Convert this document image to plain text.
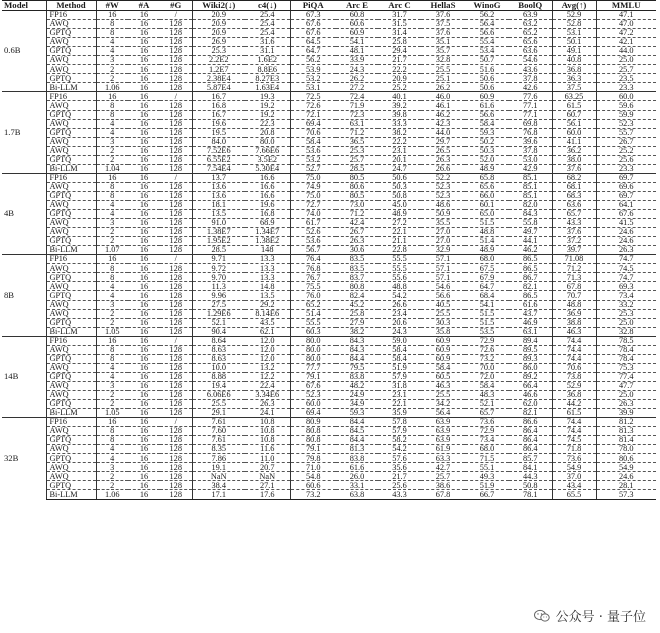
Model	Method	#W	#A	#G	Wiki2(↓)	c4(↓)	PiQA	Arc E	Arc C	HellaS	WinoG	BoolQ	Avg(↑)	MMLU
0.6B	FP16	16	16	/	20.9	25.4	67.3	60.8	31.7	37.6	56.2	63.9	52.9	47.1
	AWQ	8	16	128	20.9	25.4	67.6	60.6	31.5	37.5	56.4	63.2	52.8	47.0
	GPTQ	8	16	128	20.9	25.4	67.6	60.9	31.4	37.6	56.6	65.2	53.1	47.2
	AWQ	4	16	128	26.9	31.6	64.5	54.1	25.8	35.1	55.4	65.6	50.1	42.1
	GPTQ	4	16	128	25.3	31.1	64.7	48.1	29.4	35.7	53.4	63.6	49.1	44.0
	AWQ	3	16	128	2.2E2	1.6E2	56.2	33.9	21.7	32.8	50.7	54.6	40.8	25.0
	AWQ	2	16	128	1.2E7	8.8E6	53.9	24.3	22.2	25.5	51.6	43.6	36.8	25.7
	GPTQ	2	16	128	2.38E4	8.27E3	53.2	26.2	20.9	25.1	50.6	37.8	36.3	23.5
	Bi-LLM	1.06	16	128	5.87E4	1.63E4	53.1	27.2	25.2	26.2	50.6	42.6	37.5	23.3
1.7B	FP16	16	16	/	16.7	19.3	72.5	72.4	40.1	46.0	60.9	77.6	63.25	60.0
	AWQ	8	16	128	16.8	19.2	72.6	71.9	39.2	46.1	61.6	77.1	61.5	59.6
	GPTQ	8	16	128	16.7	19.2	72.1	72.3	39.8	46.2	56.6	77.1	60.7	59.9
	AWQ	4	16	128	19.6	22.3	69.4	63.1	33.3	42.3	58.4	69.8	56.1	52.3
	GPTQ	4	16	128	19.5	20.8	70.6	71.2	38.2	44.0	59.3	76.8	60.0	55.7
	AWQ	3	16	128	84.0	80.0	58.4	36.5	22.2	29.7	50.2	39.6	41.1	26.7
	AWQ	2	16	128	7.52E6	7.66E6	53.6	25.3	23.1	26.5	50.3	37.8	36.2	25.2
	GPTQ	2	16	128	6.55E2	3.5E2	53.2	25.7	20.1	26.3	52.0	53.0	38.0	25.6
	Bi-LLM	1.04	16	128	7.54E4	5.30E4	52.7	28.5	24.7	26.6	48.9	42.9	37.6	23.3
4B	FP16	16	16	/	13.7	16.6	75.0	80.5	50.6	52.2	65.8	85.1	68.2	69.7
	AWQ	8	16	128	13.6	16.6	74.9	80.6	50.3	52.3	65.6	85.1	68.1	69.6
	GPTQ	8	16	128	13.6	16.6	75.0	80.5	50.8	52.3	66.0	85.1	68.3	69.7
	AWQ	4	16	128	18.1	19.6	72.7	73.0	45.0	48.6	60.1	82.0	63.6	64.1
	GPTQ	4	16	128	13.5	16.8	74.0	71.2	48.9	50.9	65.0	84.3	65.7	67.6
	AWQ	3	16	128	91.0	68.9	61.7	42.4	27.2	35.5	51.5	55.8	43.3	41.5
	AWQ	2	16	128	1.38E7	1.34E7	52.6	26.7	22.1	27.0	48.8	49.7	37.6	24.6
	GPTQ	2	16	128	1.95E2	1.38E2	53.6	26.3	21.1	27.0	51.4	44.1	37.2	24.6
	Bi-LLM	1.07	16	128	28.5	148	56.7	30.6	22.8	32.9	48.9	46.2	39.7	26.3
8B	FP16	16	16	/	9.71	13.3	76.4	83.5	55.5	57.1	68.0	86.5	71.08	74.7
	AWQ	8	16	128	9.72	13.3	76.8	83.5	55.5	57.1	67.5	86.5	71.2	74.5
	GPTQ	8	16	128	9.70	13.3	76.7	83.7	55.6	57.1	67.9	86.7	71.3	74.7
	AWQ	4	16	128	11.3	14.8	75.5	80.8	48.8	54.6	64.7	82.1	67.8	69.3
	GPTQ	4	16	128	9.96	13.5	76.0	82.4	54.2	56.6	68.4	86.5	70.7	73.4
	AWQ	3	16	128	27.5	29.2	65.2	45.2	26.6	40.5	54.1	61.6	48.8	33.2
	AWQ	2	16	128	1.29E6	8.14E6	51.4	25.8	23.4	25.5	51.5	43.7	36.9	25.3
	GPTQ	2	16	128	52.1	43.5	55.5	27.9	20.6	30.3	51.5	46.9	38.8	25.0
	Bi-LLM	1.05	16	128	90.4	62.1	60.3	38.2	24.3	35.8	53.5	63.1	46.3	32.8
14B	FP16	16	16	/	8.64	12.0	80.0	84.3	59.0	60.9	72.9	89.4	74.4	78.5
	AWQ	8	16	128	8.63	12.0	80.0	84.3	58.4	60.9	72.6	89.5	74.4	78.4
	GPTQ	8	16	128	8.63	12.0	80.0	84.4	58.4	60.9	73.2	89.3	74.4	78.4
	AWQ	4	16	128	10.0	13.2	77.7	79.5	51.9	58.4	70.0	86.0	70.6	75.3
	GPTQ	4	16	128	8.88	12.2	79.1	83.8	57.9	60.5	72.0	89.2	73.8	77.4
	AWQ	3	16	128	19.4	22.4	67.6	48.2	31.8	46.3	58.4	66.4	52.9	47.7
	AWQ	2	16	128	6.06E6	3.34E6	52.3	24.9	23.1	25.5	48.3	46.6	36.8	25.0
	GPTQ	2	16	128	25.5	26.3	60.0	34.9	22.1	34.2	52.1	62.0	44.2	26.3
	Bi-LLM	1.05	16	128	29.1	24.1	69.4	59.3	35.9	56.4	65.7	82.1	61.5	39.9
32B	FP16	16	16	/	7.61	10.8	80.9	84.4	57.8	63.9	73.6	86.6	74.4	81.2
	AWQ	8	16	128	7.60	10.8	80.8	84.5	57.9	63.9	72.9	86.4	74.4	81.3
	GPTQ	8	16	128	7.61	10.8	80.8	84.4	58.2	63.9	73.4	86.4	74.5	81.4
	AWQ	4	16	128	8.35	11.6	79.1	81.3	54.2	61.9	68.0	86.4	71.8	78.0
	GPTQ	4	16	128	7.86	11.0	79.8	83.8	57.6	63.3	71.5	85.7	73.6	80.6
	AWQ	3	16	128	19.1	20.7	71.0	61.6	35.6	42.7	55.1	84.1	54.9	54.9
	AWQ	2	16	128	NaN	NaN	54.8	26.0	21.7	25.7	49.3	44.3	37.0	24.6
	GPTQ	2	16	128	38.4	27.1	60.6	33.1	25.6	38.6	51.9	50.8	43.4	28.1
	Bi-LLM	1.06	16	128	17.1	17.6	73.2	63.8	43.3	67.8	66.7	78.1	65.5	57.3
公众号 · 量子位
